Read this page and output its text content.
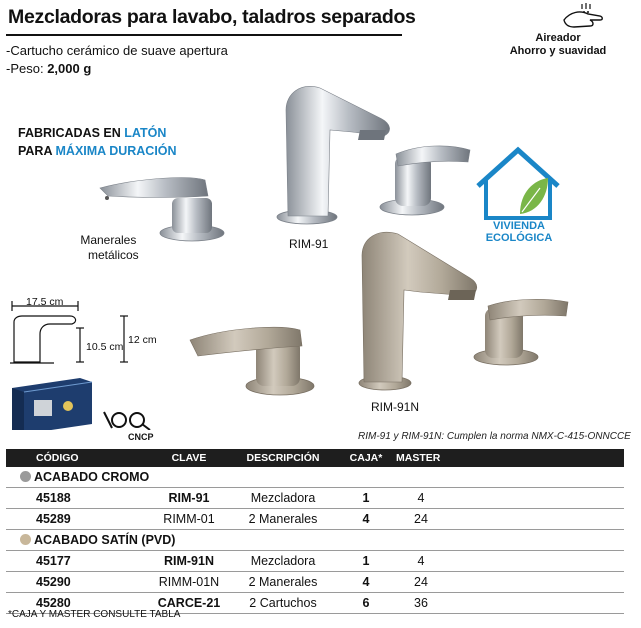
Mezcladoras para lavabo, taladros separados
-Cartucho cerámico de suave apertura
-Peso: 2,000 g
Aireador
Ahorro y suavidad
FABRICADAS EN LATÓN
PARA MÁXIMA DURACIÓN
Manerales
metálicos
RIM-91
RIM-91N
VIVIENDA
ECOLÓGICA
17.5 cm
10.5 cm
12 cm
CNCP	RIM-91 y RIM-91N: Cumplen la norma NMX-C-415-ONNCCE
CÓDIGO	CLAVE	DESCRIPCIÓN	CAJA*	MASTER	
ACABADO CROMO					
45188	RIM-91	Mezcladora	1	4	
45289	RIMM-01	2 Manerales	4	24	
ACABADO SATÍN (PVD)					
45177	RIM-91N	Mezcladora	1	4	
45290	RIMM-01N	2 Manerales	4	24	
45280	CARCE-21	2 Cartuchos	6	36	
*CAJA Y MASTER CONSULTE TABLA
